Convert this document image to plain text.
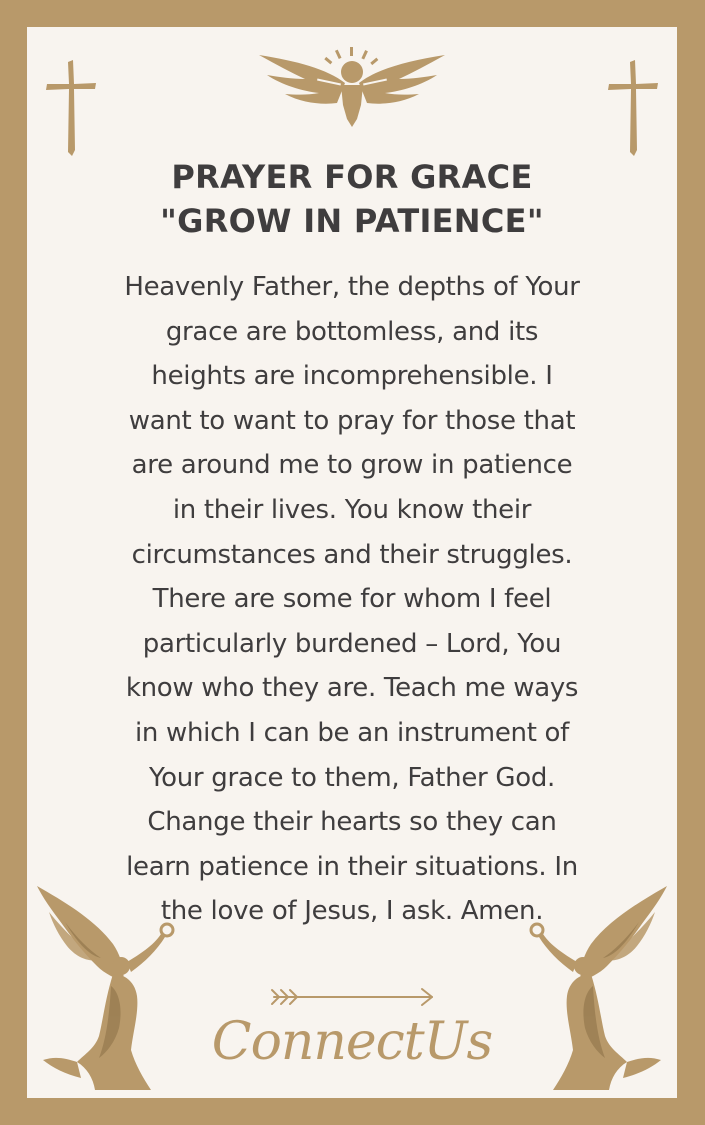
PRAYER FOR GRACE
"GROW IN PATIENCE"
Heavenly Father, the depths of Your
grace are bottomless, and its
heights are incomprehensible. I
want to want to pray for those that
are around me to grow in patience
in their lives. You know their
circumstances and their struggles.
There are some for whom I feel
particularly burdened – Lord, You
know who they are. Teach me ways
in which I can be an instrument of
Your grace to them, Father God.
Change their hearts so they can
learn patience in their situations. In
the love of Jesus, I ask. Amen.
ConnectUs
